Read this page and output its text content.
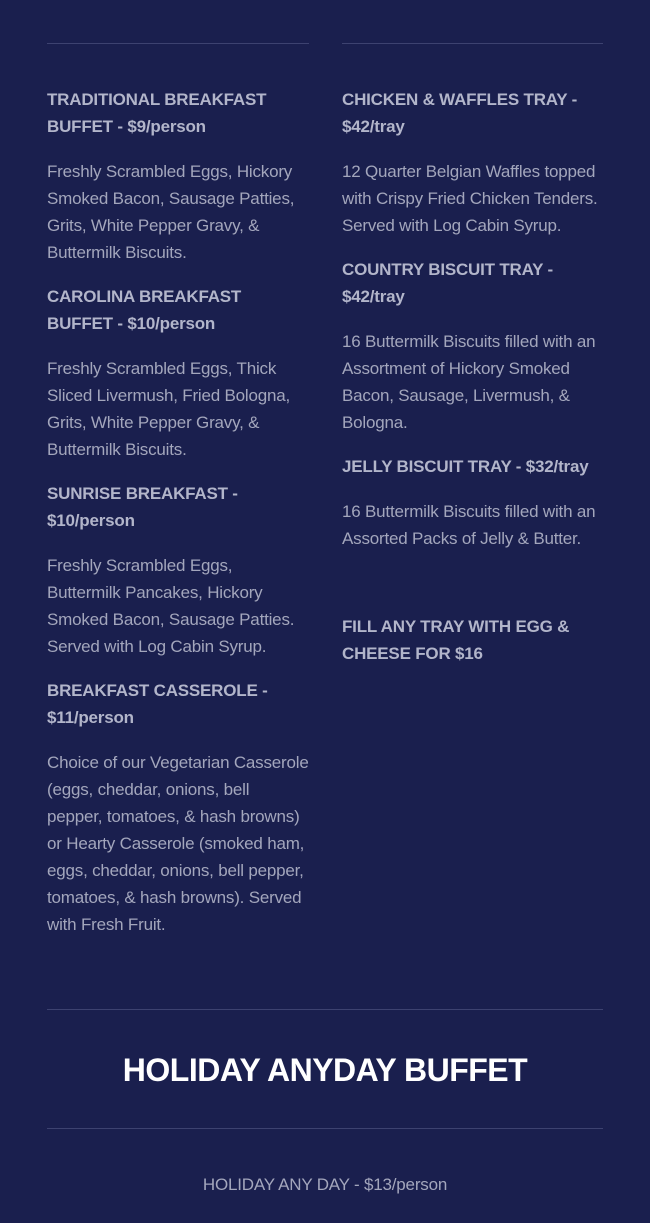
TRADITIONAL BREAKFAST BUFFET - $9/person

Freshly Scrambled Eggs, Hickory Smoked Bacon, Sausage Patties, Grits, White Pepper Gravy, & Buttermilk Biscuits.

CAROLINA BREAKFAST BUFFET - $10/person

Freshly Scrambled Eggs, Thick Sliced Livermush, Fried Bologna, Grits, White Pepper Gravy, & Buttermilk Biscuits.

SUNRISE BREAKFAST - $10/person

Freshly Scrambled Eggs, Buttermilk Pancakes, Hickory Smoked Bacon, Sausage Patties. Served with Log Cabin Syrup.

BREAKFAST CASSEROLE - $11/person

Choice of our Vegetarian Casserole (eggs, cheddar, onions, bell pepper, tomatoes, & hash browns) or Hearty Casserole (smoked ham, eggs, cheddar, onions, bell pepper, tomatoes, & hash browns). Served with Fresh Fruit.

CHICKEN & WAFFLES TRAY - $42/tray

12 Quarter Belgian Waffles topped with Crispy Fried Chicken Tenders. Served with Log Cabin Syrup.

COUNTRY BISCUIT TRAY - $42/tray

16 Buttermilk Biscuits filled with an Assortment of Hickory Smoked Bacon, Sausage, Livermush, & Bologna.

JELLY BISCUIT TRAY - $32/tray

16 Buttermilk Biscuits filled with an Assorted Packs of Jelly & Butter.

FILL ANY TRAY WITH EGG & CHEESE FOR $16

HOLIDAY ANYDAY BUFFET

HOLIDAY ANY DAY - $13/person
